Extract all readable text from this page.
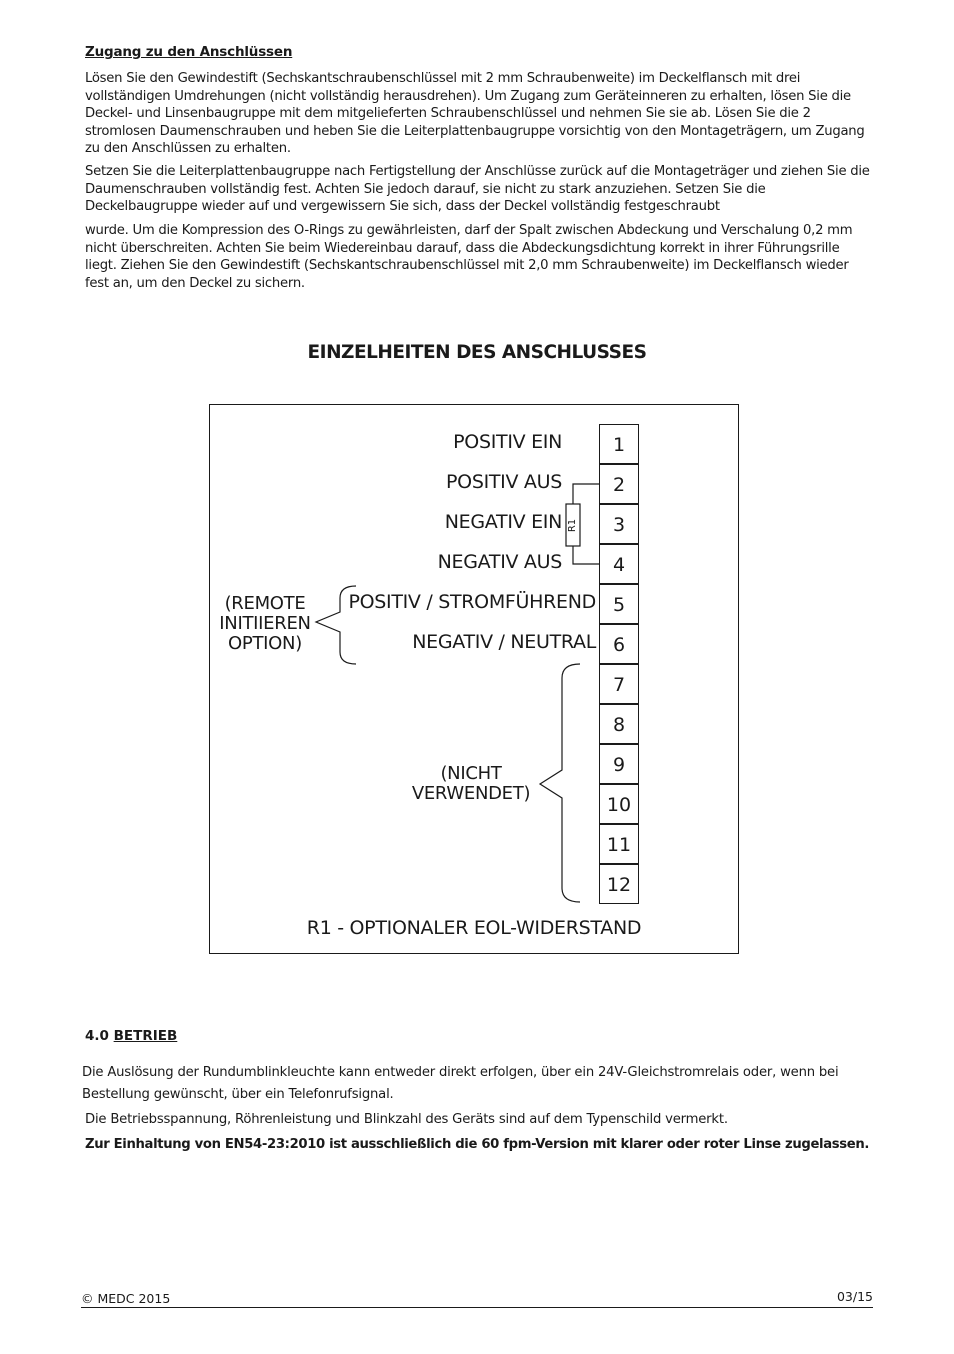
Zugang zu den Anschlüssen

Lösen Sie den Gewindestift (Sechskantschraubenschlüssel mit 2 mm Schraubenweite) im Deckelflansch mit drei vollständigen Umdrehungen (nicht vollständig herausdrehen). Um Zugang zum Geräteinneren zu erhalten, lösen Sie die Deckel- und Linsenbaugruppe mit dem mitgelieferten Schraubenschlüssel und nehmen Sie sie ab. Lösen Sie die 2 stromlosen Daumenschrauben und heben Sie die Leiterplattenbaugruppe vorsichtig von den Montageträgern, um Zugang zu den Anschlüssen zu erhalten.

Setzen Sie die Leiterplattenbaugruppe nach Fertigstellung der Anschlüsse zurück auf die Montageträger und ziehen Sie die Daumenschrauben vollständig fest. Achten Sie jedoch darauf, sie nicht zu stark anzuziehen. Setzen Sie die Deckelbaugruppe wieder auf und vergewissern Sie sich, dass der Deckel vollständig festgeschraubt

wurde. Um die Kompression des O-Rings zu gewährleisten, darf der Spalt zwischen Abdeckung und Verschalung 0,2 mm nicht überschreiten. Achten Sie beim Wiedereinbau darauf, dass die Abdeckungsdichtung korrekt in ihrer Führungsrille liegt. Ziehen Sie den Gewindestift (Sechskantschraubenschlüssel mit 2,0 mm Schraubenweite) im Deckelflansch wieder fest an, um den Deckel zu sichern.

EINZELHEITEN DES ANSCHLUSSES
1
2
3
4
5
6
7
8
9
10
11
12
POSITIV EIN
POSITIV AUS
NEGATIV EIN
NEGATIV AUS
POSITIV / STROMFÜHREND
NEGATIV / NEUTRAL
R1
(REMOTE
INITIIEREN
OPTION)
(NICHT
VERWENDET)
R1 - OPTIONALER EOL-WIDERSTAND
4.0 BETRIEB

Die Auslösung der Rundumblinkleuchte kann entweder direkt erfolgen, über ein 24V-Gleichstromrelais oder, wenn bei Bestellung gewünscht, über ein Telefonrufsignal.

Die Betriebsspannung, Röhrenleistung und Blinkzahl des Geräts sind auf dem Typenschild vermerkt.

Zur Einhaltung von EN54-23:2010 ist ausschließlich die 60 fpm-Version mit klarer oder roter Linse zugelassen.

© MEDC 2015	03/15
